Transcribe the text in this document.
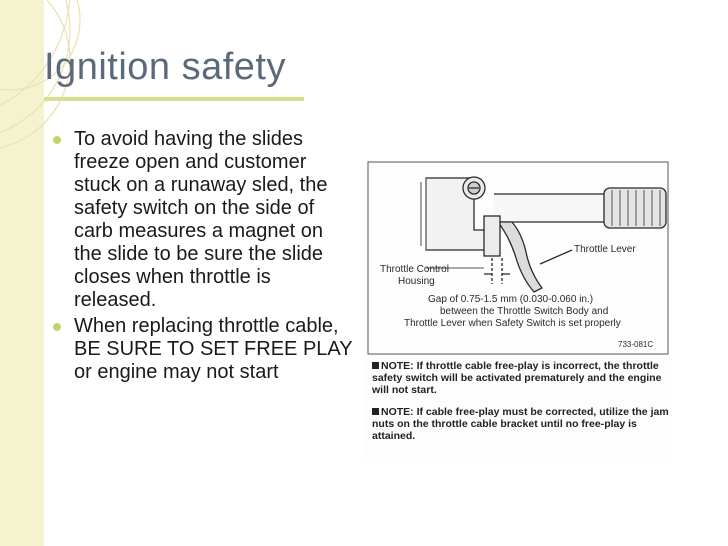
Ignition safety
To avoid having the slides freeze open and customer stuck on a runaway sled, the safety switch on the side of carb measures a magnet on the slide to be sure the slide closes when throttle is released.
When replacing throttle cable, BE SURE TO SET FREE PLAY or engine may not start
Throttle Lever
Throttle Control
Housing
Gap of 0.75-1.5 mm (0.030-0.060 in.)
between the Throttle Switch Body and
Throttle Lever when Safety Switch is set properly
733-081C
NOTE: If throttle cable free-play is incorrect, the throttle safety switch will be activated prematurely and the engine will not start.
NOTE: If cable free-play must be corrected, utilize the jam nuts on the throttle cable bracket until no free-play is attained.
